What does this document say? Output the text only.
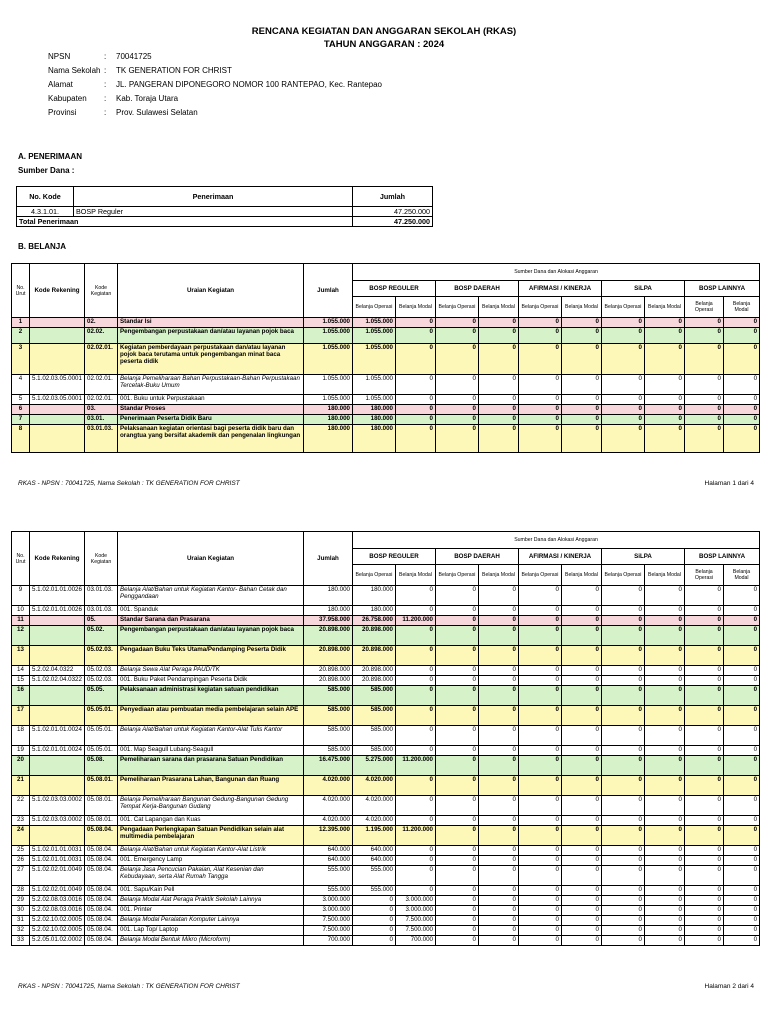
RENCANA KEGIATAN DAN ANGGARAN SEKOLAH (RKAS)
TAHUN ANGGARAN : 2024
NPSN	:	70041725
Nama Sekolah :	TK GENERATION FOR CHRIST
Alamat	:	JL. PANGERAN DIPONEGORO NOMOR 100 RANTEPAO, Kec. Rantepao
Kabupaten	:	Kab. Toraja Utara
Provinsi	:	Prov. Sulawesi Selatan
A. PENERIMAAN
Sumber Dana :
No. Kode	Penerimaan	Jumlah
4.3.1.01.	BOSP Reguler	47.250.000
Total Penerimaan		47.250.000
B. BELANJA
No. Urut	Kode Rekening	Kode Kegiatan	Uraian Kegiatan	Jumlah	Sumber Dana dan Alokasi Anggaran									
					BOSP REGULER		BOSP DAERAH		AFIRMASI / KINERJA		SiLPA		BOSP LAINNYA	
					Belanja Operasi	Belanja Modal	Belanja Operasi	Belanja Modal	Belanja Operasi	Belanja Modal	Belanja Operasi	Belanja Modal	Belanja Operasi	Belanja Modal
1		02.	Standar Isi	1.055.000	1.055.000	0	0	0	0	0	0	0	0	0
2		02.02.	Pengembangan perpustakaan dan/atau layanan pojok baca	1.055.000	1.055.000	0	0	0	0	0	0	0	0	0
3		02.02.01.	Kegiatan pemberdayaan perpustakaan dan/atau layanan pojok baca terutama untuk pengembangan minat baca peserta didik	1.055.000	1.055.000	0	0	0	0	0	0	0	0	0
4	5.1.02.03.05.0001	02.02.01.	Belanja Pemeliharaan Bahan Perpustakaan-Bahan Perpustakaan Tercetak-Buku Umum	1.055.000	1.055.000	0	0	0	0	0	0	0	0	0
5	5.1.02.03.05.0001	02.02.01.	001. Buku untuk Perpustakaan	1.055.000	1.055.000	0	0	0	0	0	0	0	0	0
6		03.	Standar Proses	180.000	180.000	0	0	0	0	0	0	0	0	0
7		03.01.	Penerimaan Peserta Didik Baru	180.000	180.000	0	0	0	0	0	0	0	0	0
8		03.01.03.	Pelaksanaan kegiatan orientasi bagi peserta didik baru dan orangtua yang bersifat akademik dan pengenalan lingkungan	180.000	180.000	0	0	0	0	0	0	0	0	0
RKAS - NPSN : 70041725, Nama Sekolah : TK GENERATION FOR CHRIST	Halaman 1 dari 4
No. Urut	Kode Rekening	Kode Kegiatan	Uraian Kegiatan	Jumlah	Sumber Dana dan Alokasi Anggaran									
					BOSP REGULER		BOSP DAERAH		AFIRMASI / KINERJA		SiLPA		BOSP LAINNYA	
					Belanja Operasi	Belanja Modal	Belanja Operasi	Belanja Modal	Belanja Operasi	Belanja Modal	Belanja Operasi	Belanja Modal	Belanja Operasi	Belanja Modal
9	5.1.02.01.01.0026	03.01.03.	Belanja Alat/Bahan untuk Kegiatan Kantor- Bahan Cetak dan Penggandaan	180.000	180.000	0	0	0	0	0	0	0	0	0
10	5.1.02.01.01.0026	03.01.03.	001. Spanduk	180.000	180.000	0	0	0	0	0	0	0	0	0
11		05.	Standar Sarana dan Prasarana	37.958.000	26.758.000	11.200.000	0	0	0	0	0	0	0	0
12		05.02.	Pengembangan perpustakaan dan/atau layanan pojok baca	20.898.000	20.898.000	0	0	0	0	0	0	0	0	0
13		05.02.03.	Pengadaan Buku Teks Utama/Pendamping Peserta Didik	20.898.000	20.898.000	0	0	0	0	0	0	0	0	0
14	5.2.02.04.0322	05.02.03.	Belanja Sewa Alat Peraga PAUD/TK	20.898.000	20.898.000	0	0	0	0	0	0	0	0	0
15	5.1.02.02.04.0322	05.02.03.	001. Buku Paket Pendampingan Peserta Didik	20.898.000	20.898.000	0	0	0	0	0	0	0	0	0
16		05.05.	Pelaksanaan administrasi kegiatan satuan pendidikan	585.000	585.000	0	0	0	0	0	0	0	0	0
17		05.05.01.	Penyediaan atau pembuatan media pembelajaran selain APE	585.000	585.000	0	0	0	0	0	0	0	0	0
18	5.1.02.01.01.0024	05.05.01.	Belanja Alat/Bahan untuk Kegiatan Kantor-Alat Tulis Kantor	585.000	585.000	0	0	0	0	0	0	0	0	0
19	5.1.02.01.01.0024	05.05.01.	001. Map Seagull Lubang-Seagull	585.000	585.000	0	0	0	0	0	0	0	0	0
20		05.08.	Pemeliharaan sarana dan prasarana Satuan Pendidikan	16.475.000	5.275.000	11.200.000	0	0	0	0	0	0	0	0
21		05.08.01.	Pemeliharaan Prasarana Lahan, Bangunan dan Ruang	4.020.000	4.020.000	0	0	0	0	0	0	0	0	0
22	5.1.02.03.03.0002	05.08.01.	Belanja Pemeliharaan Bangunan Gedung-Bangunan Gedung Tempat Kerja-Bangunan Gudang	4.020.000	4.020.000	0	0	0	0	0	0	0	0	0
23	5.1.02.03.03.0002	05.08.01.	001. Cat Lapangan dan Kuas	4.020.000	4.020.000	0	0	0	0	0	0	0	0	0
24		05.08.04.	Pengadaan Perlengkapan Satuan Pendidikan selain alat multimedia pembelajaran	12.395.000	1.195.000	11.200.000	0	0	0	0	0	0	0	0
25	5.1.02.01.01.0031	05.08.04.	Belanja Alat/Bahan untuk Kegiatan Kantor-Alat Listrik	640.000	640.000	0	0	0	0	0	0	0	0	0
26	5.1.02.01.01.0031	05.08.04.	001. Emergency Lamp	640.000	640.000	0	0	0	0	0	0	0	0	0
27	5.1.02.02.01.0049	05.08.04.	Belanja Jasa Pencucian Pakaian, Alat Kesenian dan Kebudayaan, serta Alat Rumah Tangga	555.000	555.000	0	0	0	0	0	0	0	0	0
28	5.1.02.02.01.0049	05.08.04.	001. Sapu/Kain Pell	555.000	555.000	0	0	0	0	0	0	0	0	0
29	5.2.02.08.03.0016	05.08.04.	Belanja Modal Alat Peraga Praktik Sekolah Lainnya	3.000.000	0	3.000.000	0	0	0	0	0	0	0	0
30	5.2.02.08.03.0016	05.08.04.	001. Printer	3.000.000	0	3.000.000	0	0	0	0	0	0	0	0
31	5.2.02.10.02.0005	05.08.04.	Belanja Modal Peralatan Komputer Lainnya	7.500.000	0	7.500.000	0	0	0	0	0	0	0	0
32	5.2.02.10.02.0005	05.08.04.	001. Lap Top/ Laptop	7.500.000	0	7.500.000	0	0	0	0	0	0	0	0
33	5.2.05.01.02.0002	05.08.04.	Belanja Modal Bentuk Mikro (Microform)	700.000	0	700.000	0	0	0	0	0	0	0	0
RKAS - NPSN : 70041725, Nama Sekolah : TK GENERATION FOR CHRIST	Halaman 2 dari 4
